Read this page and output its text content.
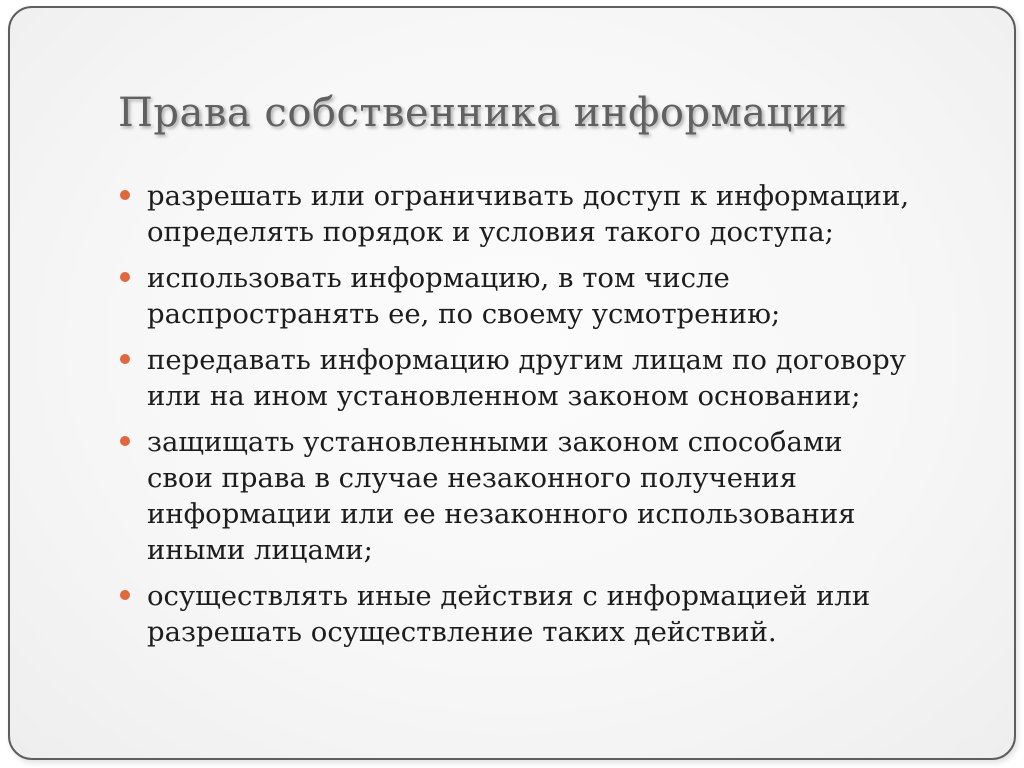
Права собственника информации
разрешать или ограничивать доступ к информации,
определять порядок и условия такого доступа;
использовать информацию, в том числе
распространять ее, по своему усмотрению;
передавать информацию другим лицам по договору
или на ином установленном законом основании;
защищать установленными законом способами
свои права в случае незаконного получения
информации или ее незаконного использования
иными лицами;
осуществлять иные действия с информацией или
разрешать осуществление таких действий.
